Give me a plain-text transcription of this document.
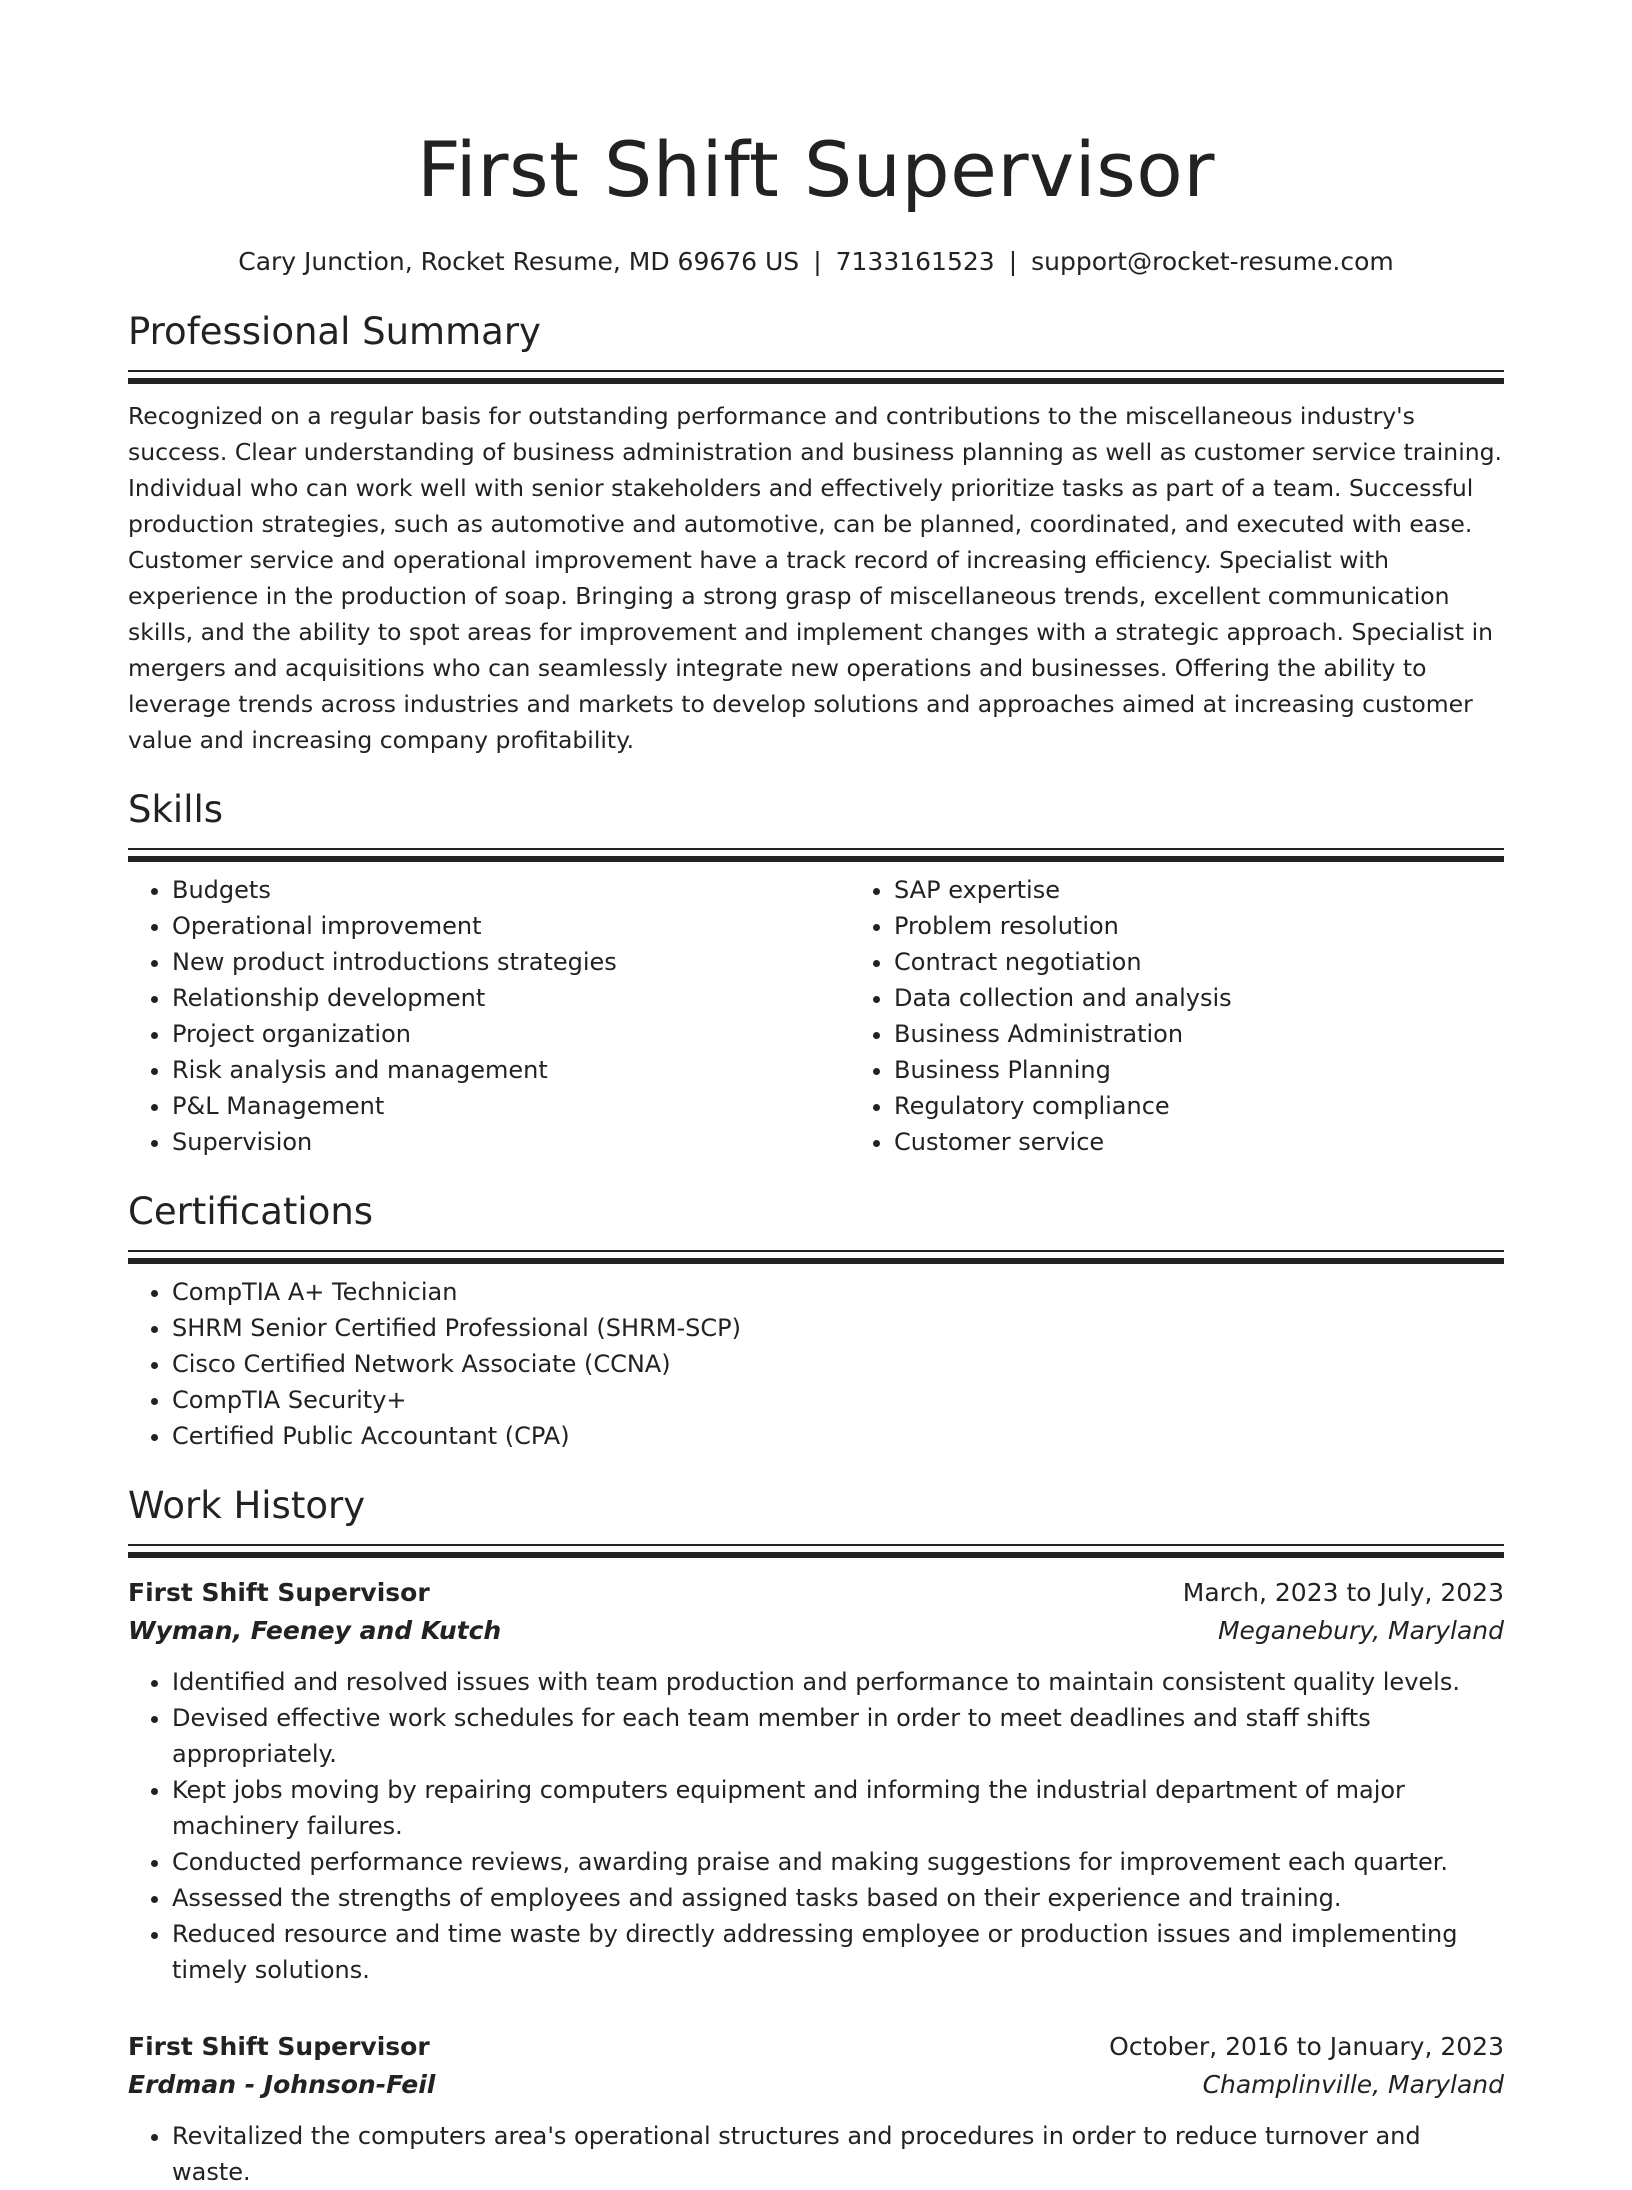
First Shift Supervisor
Cary Junction, Rocket Resume, MD 69676 US | 7133161523 | support@rocket-resume.com
Professional Summary

Recognized on a regular basis for outstanding performance and contributions to the miscellaneous industry's success. Clear understanding of business administration and business planning as well as customer service training. Individual who can work well with senior stakeholders and effectively prioritize tasks as part of a team. Successful production strategies, such as automotive and automotive, can be planned, coordinated, and executed with ease. Customer service and operational improvement have a track record of increasing efficiency. Specialist with experience in the production of soap. Bringing a strong grasp of miscellaneous trends, excellent communication skills, and the ability to spot areas for improvement and implement changes with a strategic approach. Specialist in mergers and acquisitions who can seamlessly integrate new operations and businesses. Offering the ability to leverage trends across industries and markets to develop solutions and approaches aimed at increasing customer value and increasing company profitability.

Skills
• Budgets
• Operational improvement
• New product introductions strategies
• Relationship development
• Project organization
• Risk analysis and management
• P&L Management
• Supervision
• SAP expertise
• Problem resolution
• Contract negotiation
• Data collection and analysis
• Business Administration
• Business Planning
• Regulatory compliance
• Customer service
Certifications
• CompTIA A+ Technician
• SHRM Senior Certified Professional (SHRM-SCP)
• Cisco Certified Network Associate (CCNA)
• CompTIA Security+
• Certified Public Accountant (CPA)
Work History
First Shift Supervisor	March, 2023 to July, 2023
Wyman, Feeney and Kutch	Meganebury, Maryland
• Identified and resolved issues with team production and performance to maintain consistent quality levels.
• Devised effective work schedules for each team member in order to meet deadlines and staff shifts appropriately.
• Kept jobs moving by repairing computers equipment and informing the industrial department of major machinery failures.
• Conducted performance reviews, awarding praise and making suggestions for improvement each quarter.
• Assessed the strengths of employees and assigned tasks based on their experience and training.
• Reduced resource and time waste by directly addressing employee or production issues and implementing timely solutions.
First Shift Supervisor	October, 2016 to January, 2023
Erdman - Johnson-Feil	Champlinville, Maryland
• Revitalized the computers area's operational structures and procedures in order to reduce turnover and waste.
